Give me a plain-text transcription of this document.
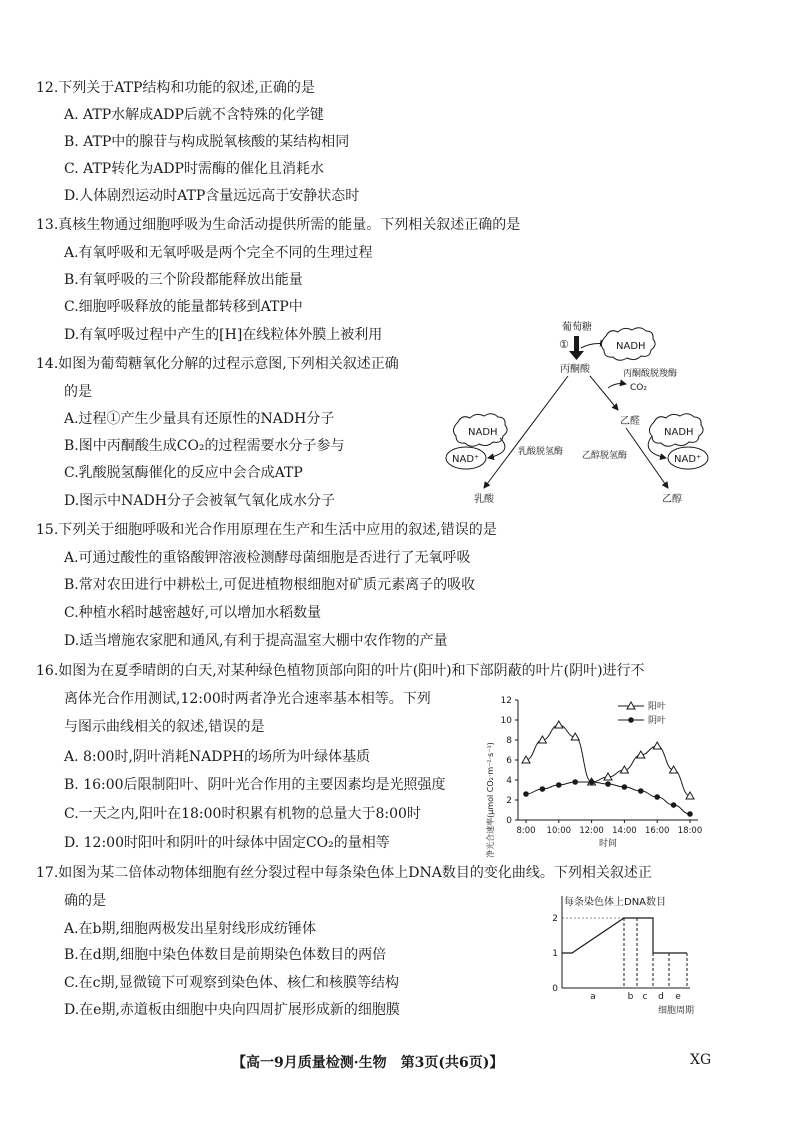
12.下列关于ATP结构和功能的叙述,正确的是
A. ATP水解成ADP后就不含特殊的化学键
B. ATP中的腺苷与构成脱氧核酸的某结构相同
C. ATP转化为ADP时需酶的催化且消耗水
D.人体剧烈运动时ATP含量远远高于安静状态时
13.真核生物通过细胞呼吸为生命活动提供所需的能量。下列相关叙述正确的是
A.有氧呼吸和无氧呼吸是两个完全不同的生理过程
B.有氧呼吸的三个阶段都能释放出能量
C.细胞呼吸释放的能量都转移到ATP中
D.有氧呼吸过程中产生的[H]在线粒体外膜上被利用
14.如图为葡萄糖氧化分解的过程示意图,下列相关叙述正确
的是
A.过程①产生少量具有还原性的NADH分子
B.图中丙酮酸生成CO₂的过程需要水分子参与
C.乳酸脱氢酶催化的反应中会合成ATP
D.图示中NADH分子会被氧气氧化成水分子
葡萄糖
①	NADH
丙酮酸	丙酮酸脱羧酶
CO₂
乙醛
NADH
NAD⁺
乳酸脱氢酶
NADH
NAD⁺
乙醇脱氢酶
乳酸	乙醇
15.下列关于细胞呼吸和光合作用原理在生产和生活中应用的叙述,错误的是
A.可通过酸性的重铬酸钾溶液检测酵母菌细胞是否进行了无氧呼吸
B.常对农田进行中耕松土,可促进植物根细胞对矿质元素离子的吸收
C.种植水稻时越密越好,可以增加水稻数量
D.适当增施农家肥和通风,有利于提高温室大棚中农作物的产量
16.如图为在夏季晴朗的白天,对某种绿色植物顶部向阳的叶片(阳叶)和下部阴蔽的叶片(阴叶)进行不
离体光合作用测试,12:00时两者净光合速率基本相等。下列
与图示曲线相关的叙述,错误的是
A. 8:00时,阴叶消耗NADPH的场所为叶绿体基质
B. 16:00后限制阳叶、阴叶光合作用的主要因素均是光照强度
C.一天之内,阳叶在18:00时积累有机物的总量大于8:00时
D. 12:00时阳叶和阴叶的叶绿体中固定CO₂的量相等	净光合速率(μmol CO₂·m⁻²·s⁻¹) 0
2
4
6
8
10
12
8:00 10:00 12:00 14:00 16:00 18:00
时间
阳叶
阴叶
17.如图为某二倍体动物体细胞有丝分裂过程中每条染色体上DNA数目的变化曲线。下列相关叙述正
确的是
A.在b期,细胞两极发出星射线形成纺锤体
B.在d期,细胞中染色体数目是前期染色体数目的两倍
C.在c期,显微镜下可观察到染色体、核仁和核膜等结构
D.在e期,赤道板由细胞中央向四周扩展形成新的细胞膜
每条染色体上DNA数目
0
1
2
a	b c d e
细胞周期
【高一9月质量检测·生物　第3页(共6页)】	XG
